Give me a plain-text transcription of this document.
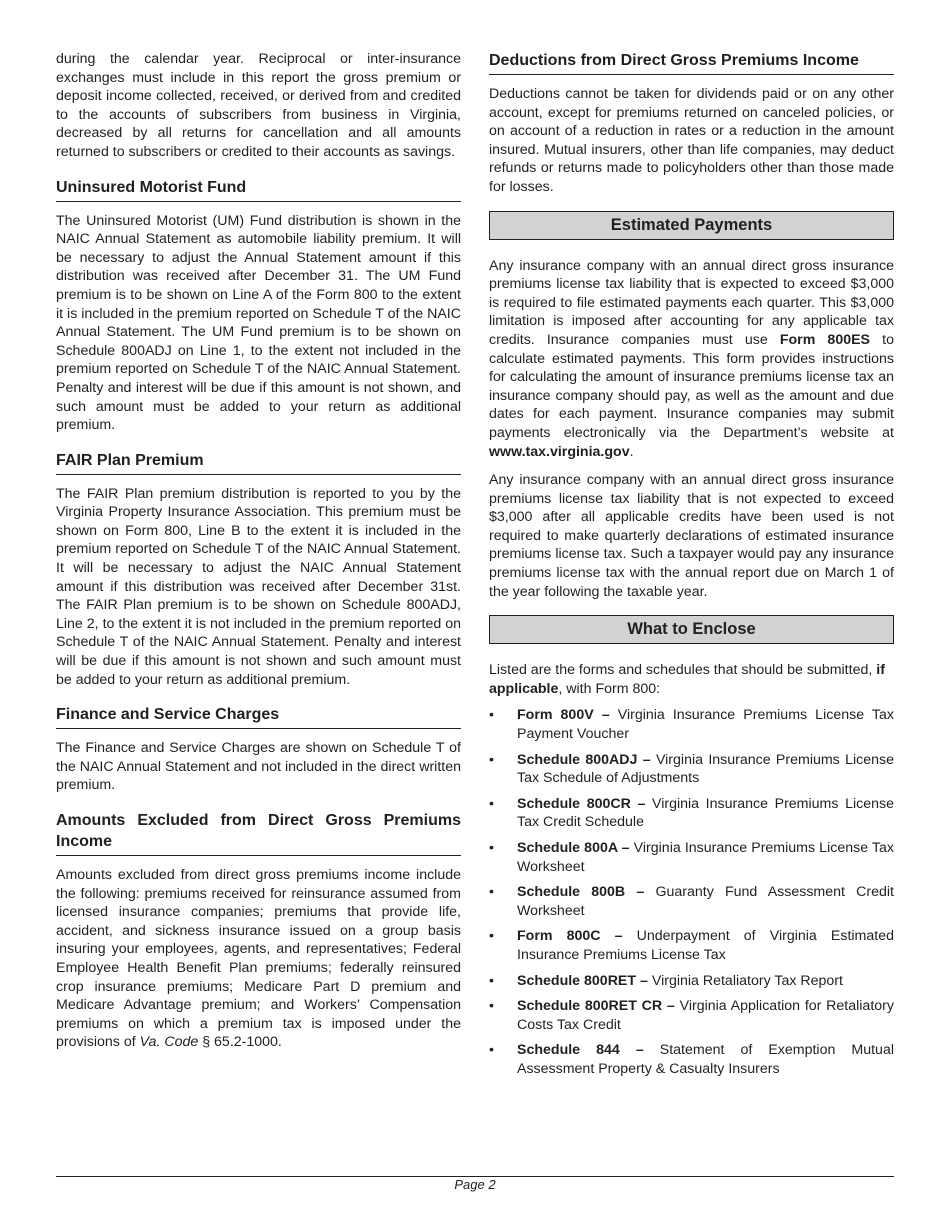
during the calendar year. Reciprocal or inter-insurance exchanges must include in this report the gross premium or deposit income collected, received, or derived from and credited to the accounts of subscribers from business in Virginia, decreased by all returns for cancellation and all amounts returned to subscribers or credited to their accounts as savings.

Uninsured Motorist Fund

The Uninsured Motorist (UM) Fund distribution is shown in the NAIC Annual Statement as automobile liability premium. It will be necessary to adjust the Annual Statement amount if this distribution was received after December 31. The UM Fund premium is to be shown on Line A of the Form 800 to the extent it is included in the premium reported on Schedule T of the NAIC Annual Statement. The UM Fund premium is to be shown on Schedule 800ADJ on Line 1, to the extent not included in the premium reported on Schedule T of the NAIC Annual Statement. Penalty and interest will be due if this amount is not shown, and such amount must be added to your return as additional premium.

FAIR Plan Premium

The FAIR Plan premium distribution is reported to you by the Virginia Property Insurance Association. This premium must be shown on Form 800, Line B to the extent it is included in the premium reported on Schedule T of the NAIC Annual Statement. It will be necessary to adjust the NAIC Annual Statement amount if this distribution was received after December 31st. The FAIR Plan premium is to be shown on Schedule 800ADJ, Line 2, to the extent it is not included in the premium reported on Schedule T of the NAIC Annual Statement. Penalty and interest will be due if this amount is not shown and such amount must be added to your return as additional premium.

Finance and Service Charges

The Finance and Service Charges are shown on Schedule T of the NAIC Annual Statement and not included in the direct written premium.

Amounts Excluded from Direct Gross Premiums Income

Amounts excluded from direct gross premiums income include the following: premiums received for reinsurance assumed from licensed insurance companies; premiums that provide life, accident, and sickness insurance issued on a group basis insuring your employees, agents, and representatives; Federal Employee Health Benefit Plan premiums; federally reinsured crop insurance premiums; Medicare Part D premium and Medicare Advantage premium; and Workers’ Compensation premiums on which a premium tax is imposed under the provisions of Va. Code § 65.2-1000.

Deductions from Direct Gross Premiums Income

Deductions cannot be taken for dividends paid or on any other account, except for premiums returned on canceled policies, or on account of a reduction in rates or a reduction in the amount insured. Mutual insurers, other than life companies, may deduct refunds or returns made to policyholders other than those made for losses.

Estimated Payments

Any insurance company with an annual direct gross insurance premiums license tax liability that is expected to exceed $3,000 is required to file estimated payments each quarter. This $3,000 limitation is imposed after accounting for any applicable tax credits. Insurance companies must use Form 800ES to calculate estimated payments. This form provides instructions for calculating the amount of insurance premiums license tax an insurance company should pay, as well as the amount and due dates for each payment. Insurance companies may submit payments electronically via the Department’s website at www.tax.virginia.gov.

Any insurance company with an annual direct gross insurance premiums license tax liability that is not expected to exceed $3,000 after all applicable credits have been used is not required to make quarterly declarations of estimated insurance premiums license tax. Such a taxpayer would pay any insurance premiums license tax with the annual report due on March 1 of the year following the taxable year.

What to Enclose

Listed are the forms and schedules that should be submitted, if applicable, with Form 800:

• Form 800V – Virginia Insurance Premiums License Tax Payment Voucher
• Schedule 800ADJ – Virginia Insurance Premiums License Tax Schedule of Adjustments
• Schedule 800CR – Virginia Insurance Premiums License Tax Credit Schedule
• Schedule 800A – Virginia Insurance Premiums License Tax Worksheet
• Schedule 800B – Guaranty Fund Assessment Credit Worksheet
• Form 800C – Underpayment of Virginia Estimated Insurance Premiums License Tax
• Schedule 800RET – Virginia Retaliatory Tax Report
• Schedule 800RET CR – Virginia Application for Retaliatory Costs Tax Credit
• Schedule 844 – Statement of Exemption Mutual Assessment Property & Casualty Insurers
Page 2
